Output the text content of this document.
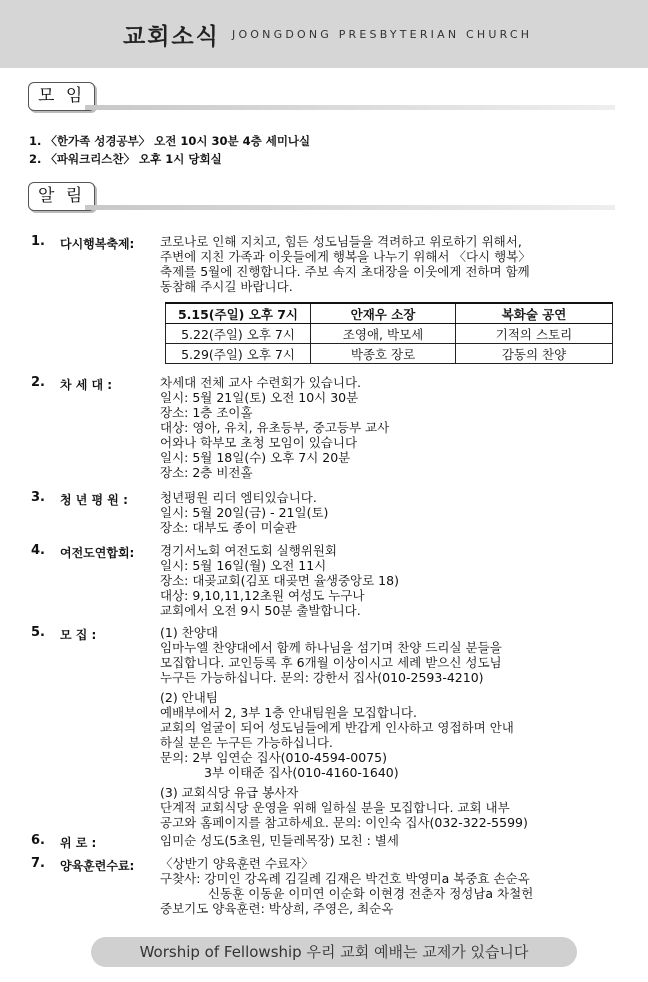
교회소식 JOONGDONG PRESBYTERIAN CHURCH
모 임
1. 〈한가족 성경공부〉 오전 10시 30분 4층 세미나실
2. 〈파워크리스찬〉 오후 1시 당회실
알 림
1. 다시행복축제: 코로나로 인해 지치고, 힘든 성도님들을 격려하고 위로하기 위해서,
주변에 지친 가족과 이웃들에게 행복을 나누기 위해서 〈다시 행복〉
축제를 5월에 진행합니다. 주보 속지 초대장을 이웃에게 전하며 함께
동참해 주시길 바랍니다.
5.15(주일) 오후 7시	안재우 소장	복화술 공연
5.22(주일) 오후 7시	조영애, 박모세	기적의 스토리
5.29(주일) 오후 7시	박종호 장로	감동의 찬양
2. 차 세 대 :	차세대 전체 교사 수련회가 있습니다.
일시: 5월 21일(토) 오전 10시 30분
장소: 1층 조이홀
대상: 영아, 유치, 유초등부, 중고등부 교사
어와나 학부모 초청 모임이 있습니다
일시: 5월 18일(수) 오후 7시 20분
장소: 2층 비전홀
3. 청 년 평 원 :	청년평원 리더 엠티있습니다.
일시: 5월 20일(금) - 21일(토)
장소: 대부도 종이 미술관
4. 여전도연합회: 경기서노회 여전도회 실행위원회
일시: 5월 16일(월) 오전 11시
장소: 대곶교회(김포 대곶면 율생중앙로 18)
대상: 9,10,11,12초원 여성도 누구나
교회에서 오전 9시 50분 출발합니다.
5. 모 집 :	(1) 찬양대
임마누엘 찬양대에서 함께 하나님을 섬기며 찬양 드리실 분들을
모집합니다. 교인등록 후 6개월 이상이시고 세례 받으신 성도님
누구든 가능하십니다. 문의: 강한서 집사(010-2593-4210)
(2) 안내팀
예배부에서 2, 3부 1층 안내팀원을 모집합니다.
교회의 얼굴이 되어 성도님들에게 반갑게 인사하고 영접하며 안내
하실 분은 누구든 가능하십니다.
문의: 2부 임연순 집사(010-4594-0075)
3부 이태준 집사(010-4160-1640)
(3) 교회식당 유급 봉사자
단계적 교회식당 운영을 위해 일하실 분을 모집합니다. 교회 내부
공고와 홈페이지를 참고하세요. 문의: 이인숙 집사(032-322-5599)
6. 위 로 :	임미순 성도(5초원, 민들레목장) 모친 : 별세
7. 양육훈련수료: 〈상반기 양육훈련 수료자〉
구찾사: 강미인 강옥례 김길례 김재은 박건호 박영미a 복중효 손순옥
신동훈 이동윤 이미연 이순화 이현경 전춘자 정성남a 차철헌
중보기도 양육훈련: 박상희, 주영은, 최순옥
Worship of Fellowship 우리 교회 예배는 교제가 있습니다
